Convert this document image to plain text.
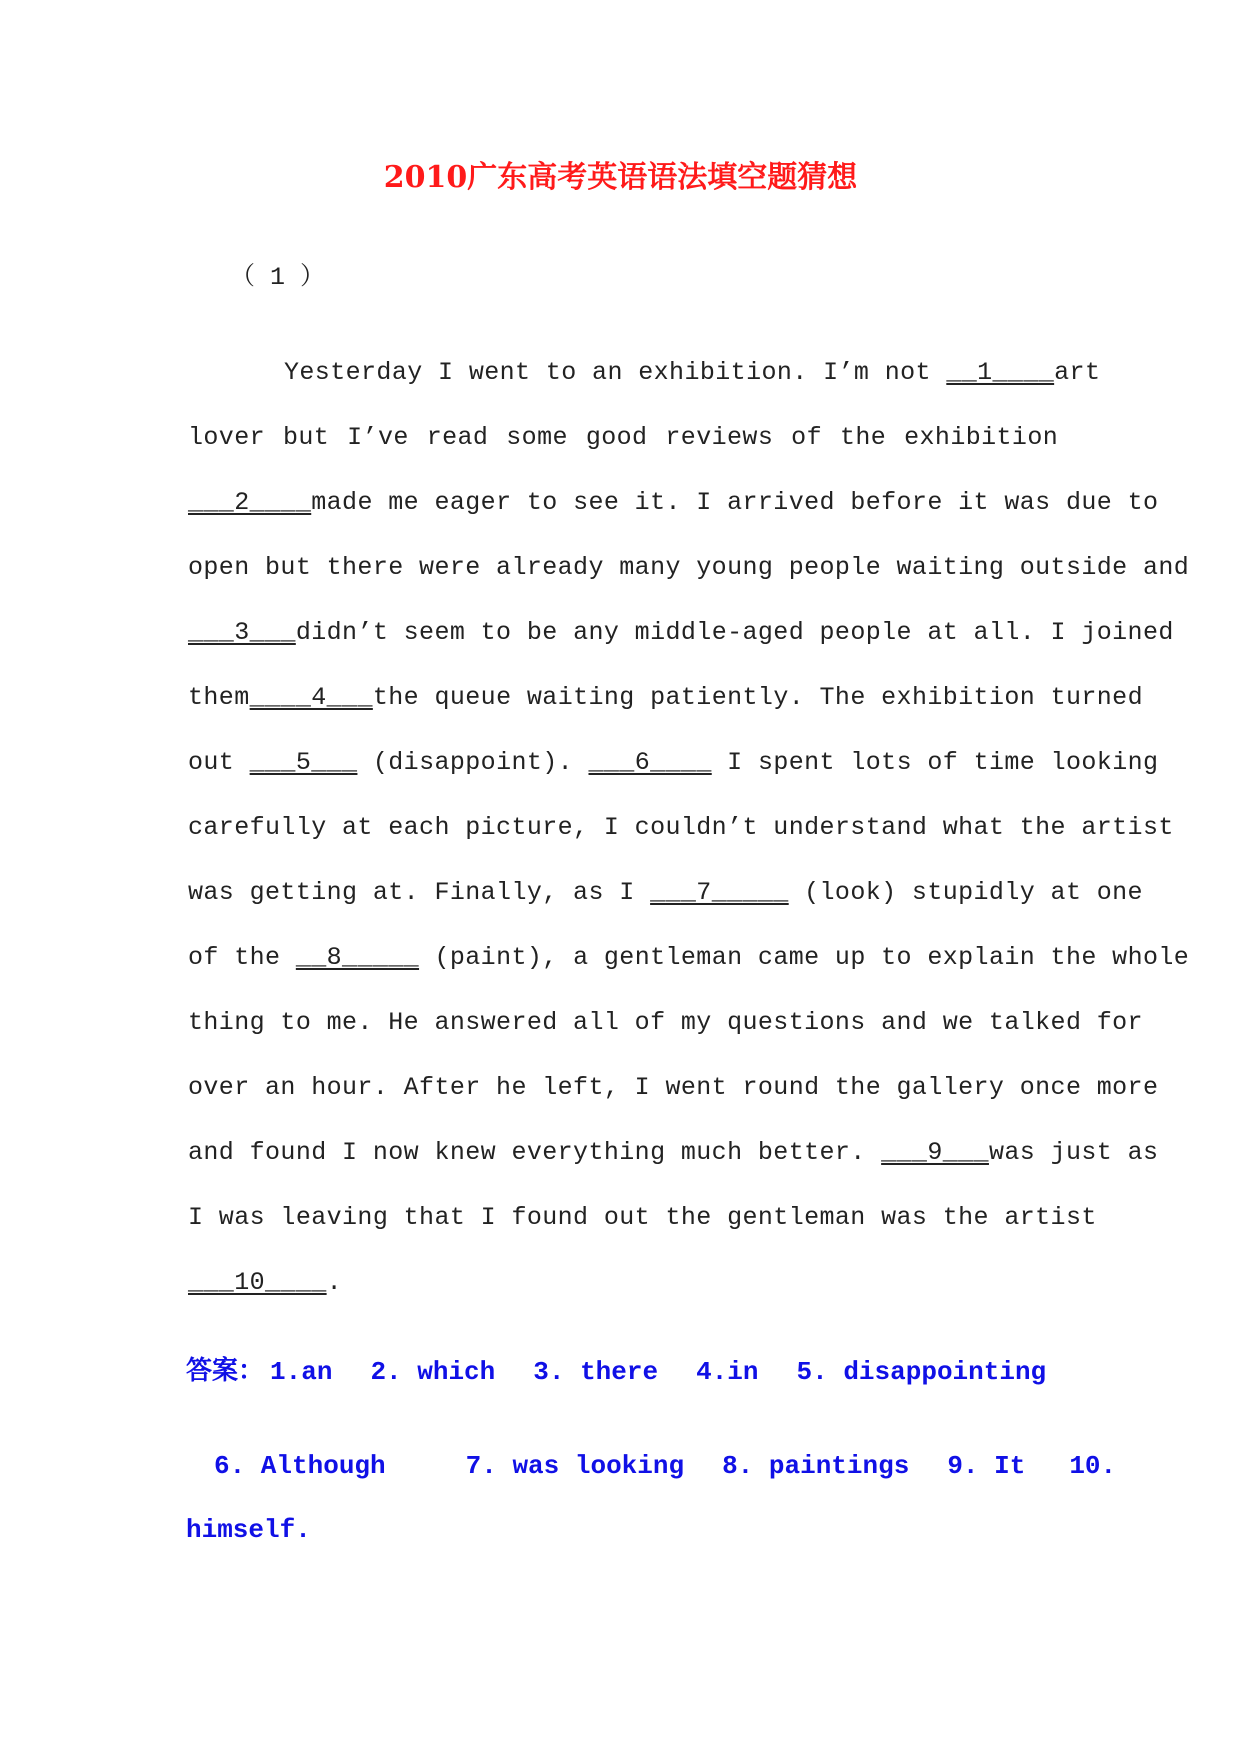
2010广东高考英语语法填空题猜想
（ 1 ）
Yesterday I went to an exhibition. I’m not __1____ art
lover but I’ve read some good reviews of the exhibition
___2____ made me eager to see it. I arrived before it was due to
open but there were already many young people waiting outside and
___3___ didn’t seem to be any middle-aged people at all. I joined
them ____4___ the queue waiting patiently. The exhibition turned
out ___5___ (disappoint). ___6____ I spent lots of time looking
carefully at each picture, I couldn’t understand what the artist
was getting at. Finally, as I ___7_____ (look) stupidly at one
of the __8_____ (paint), a gentleman came up to explain the whole
thing to me. He answered all of my questions and we talked for
over an hour. After he left, I went round the gallery once more
and found I now knew everything much better. ___9___ was just as
I was leaving that I found out the gentleman was the artist
___10____ .
答案： 1.an 2. which 3. there 4.in 5. disappointing
6. Although	7. was looking 8. paintings 9. It 10.
himself.
